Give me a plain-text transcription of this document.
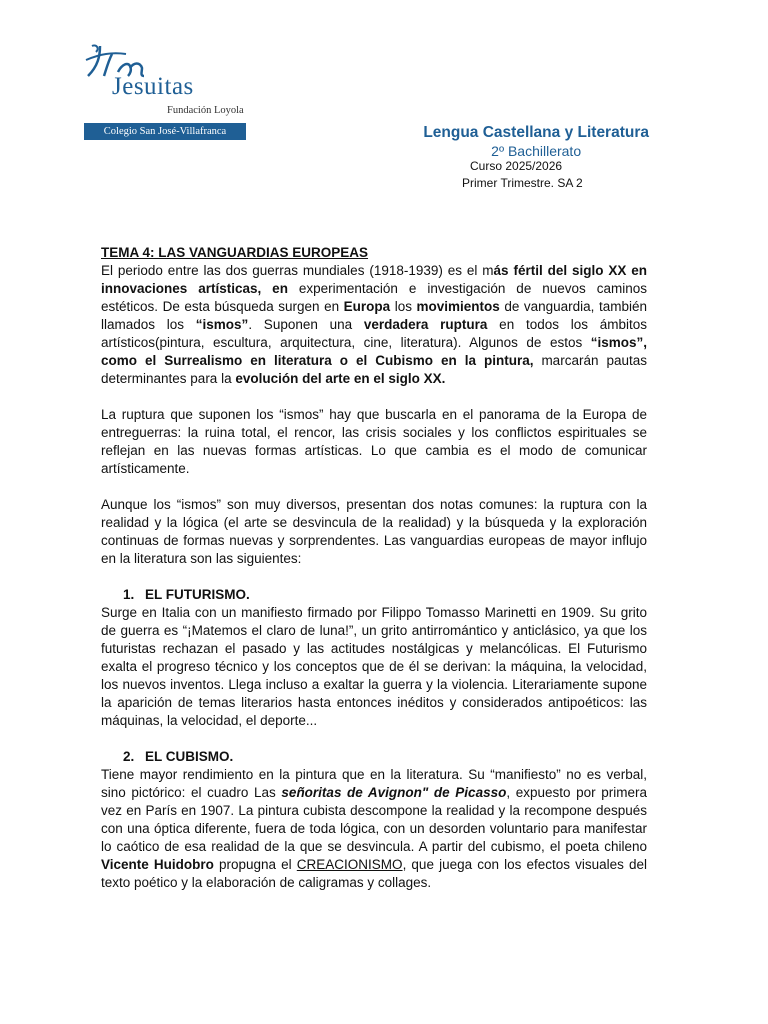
Jesuitas
Fundación Loyola
Colegio San José-Villafranca	Lengua Castellana y Literatura
2º Bachillerato
Curso 2025/2026
Primer Trimestre. SA 2

TEMA 4: LAS VANGUARDIAS EUROPEAS

El periodo entre las dos guerras mundiales (1918-1939) es el más fértil del siglo XX en innovaciones artísticas, en experimentación e investigación de nuevos caminos estéticos. De esta búsqueda surgen en Europa los movimientos de vanguardia, también llamados los “ismos”. Suponen una verdadera ruptura en todos los ámbitos artísticos(pintura, escultura, arquitectura, cine, literatura). Algunos de estos “ismos”, como el Surrealismo en literatura o el Cubismo en la pintura, marcarán pautas determinantes para la evolución del arte en el siglo XX.

La ruptura que suponen los “ismos” hay que buscarla en el panorama de la Europa de entreguerras: la ruina total, el rencor, las crisis sociales y los conflictos espirituales se reflejan en las nuevas formas artísticas. Lo que cambia es el modo de comunicar artísticamente.

Aunque los “ismos” son muy diversos, presentan dos notas comunes: la ruptura con la realidad y la lógica (el arte se desvincula de la realidad) y la búsqueda y la exploración continuas de formas nuevas y sorprendentes. Las vanguardias europeas de mayor influjo en la literatura son las siguientes:

1. EL FUTURISMO.

Surge en Italia con un manifiesto firmado por Filippo Tomasso Marinetti en 1909. Su grito de guerra es “¡Matemos el claro de luna!”, un grito antirromántico y anticlásico, ya que los futuristas rechazan el pasado y las actitudes nostálgicas y melancólicas. El Futurismo exalta el progreso técnico y los conceptos que de él se derivan: la máquina, la velocidad, los nuevos inventos. Llega incluso a exaltar la guerra y la violencia. Literariamente supone la aparición de temas literarios hasta entonces inéditos y considerados antipoéticos: las máquinas, la velocidad, el deporte...

2. EL CUBISMO.

Tiene mayor rendimiento en la pintura que en la literatura. Su “manifiesto” no es verbal, sino pictórico: el cuadro Las señoritas de Avignon" de Picasso, expuesto por primera vez en París en 1907. La pintura cubista descompone la realidad y la recompone después con una óptica diferente, fuera de toda lógica, con un desorden voluntario para manifestar lo caótico de esa realidad de la que se desvincula. A partir del cubismo, el poeta chileno Vicente Huidobro propugna el CREACIONISMO, que juega con los efectos visuales del texto poético y la elaboración de caligramas y collages.
